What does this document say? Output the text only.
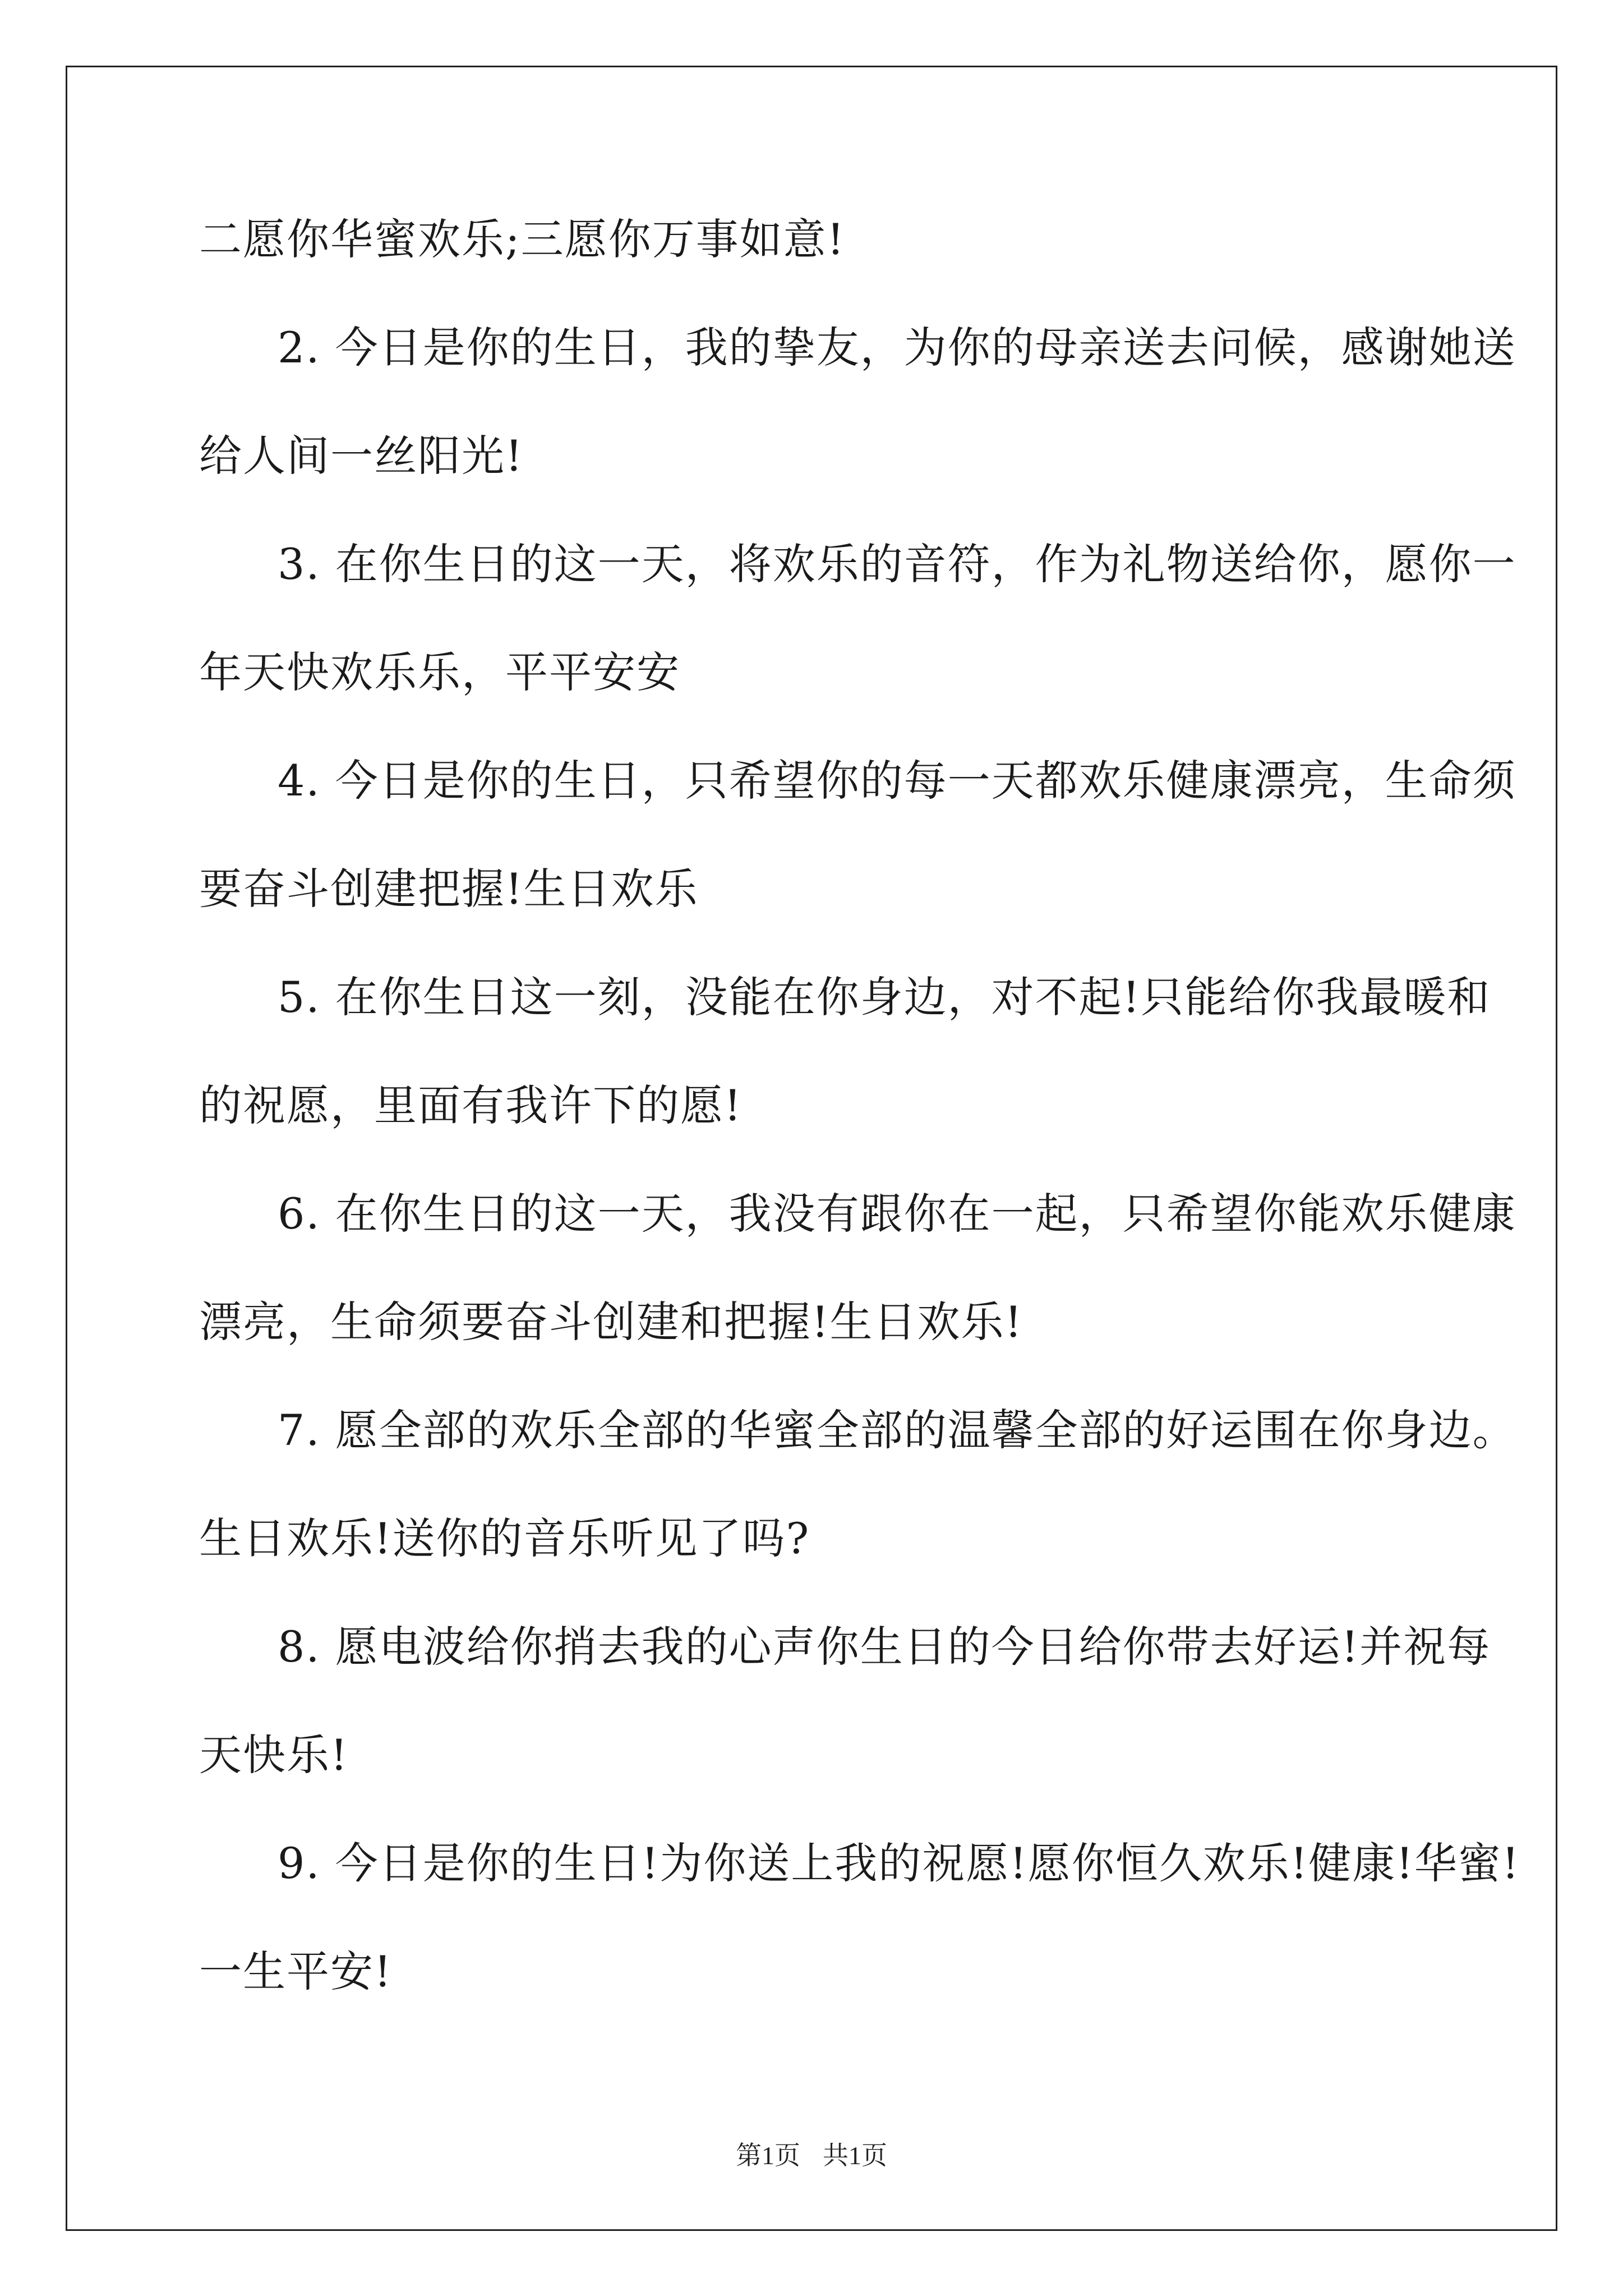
二愿你华蜜欢乐;三愿你万事如意!
2. 今日是你的生日，我的挚友，为你的母亲送去问候，感谢她送
给人间一丝阳光!
3. 在你生日的这一天，将欢乐的音符，作为礼物送给你，愿你一
年天快欢乐乐，平平安安
4. 今日是你的生日，只希望你的每一天都欢乐健康漂亮，生命须
要奋斗创建把握!生日欢乐
5. 在你生日这一刻，没能在你身边，对不起!只能给你我最暖和
的祝愿，里面有我许下的愿!
6. 在你生日的这一天，我没有跟你在一起，只希望你能欢乐健康
漂亮，生命须要奋斗创建和把握!生日欢乐!
7. 愿全部的欢乐全部的华蜜全部的温馨全部的好运围在你身边。
生日欢乐!送你的音乐听见了吗?
8. 愿电波给你捎去我的心声你生日的今日给你带去好运!并祝每
天快乐!
9. 今日是你的生日!为你送上我的祝愿!愿你恒久欢乐!健康!华蜜!
一生平安!
第1页 共1页
